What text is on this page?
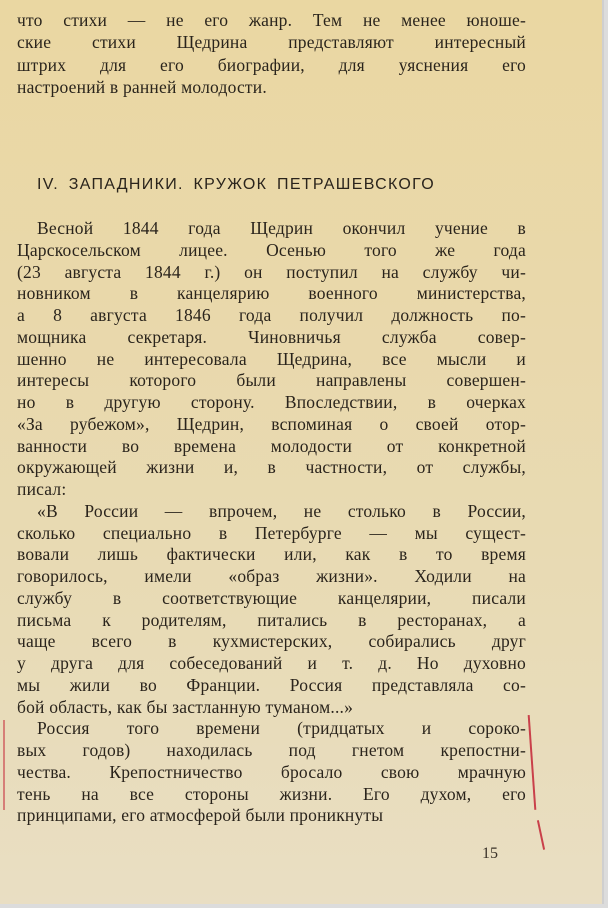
что стихи — не его жанр. Тем не менее юноше-
ские стихи Щедрина представляют интересный
штрих для его биографии, для уяснения его
настроений в ранней молодости.
IV. ЗАПАДНИКИ. КРУЖОК ПЕТРАШЕВСКОГО
Весной 1844 года Щедрин окончил учение в
Царскосельском лицее. Осенью того же года
(23 августа 1844 г.) он поступил на службу чи-
новником в канцелярию военного министерства,
а 8 августа 1846 года получил должность по-
мощника секретаря. Чиновничья служба совер-
шенно не интересовала Щедрина, все мысли и
интересы которого были направлены совершен-
но в другую сторону. Впоследствии, в очерках
«За рубежом», Щедрин, вспоминая о своей отор-
ванности во времена молодости от конкретной
окружающей жизни и, в частности, от службы,
писал:
«В России — впрочем, не столько в России,
сколько специально в Петербурге — мы сущест-
вовали лишь фактически или, как в то время
говорилось, имели «образ жизни». Ходили на
службу в соответствующие канцелярии, писали
письма к родителям, питались в ресторанах, а
чаще всего в кухмистерских, собирались друг
у друга для собеседований и т. д. Но духовно
мы жили во Франции. Россия представляла со-
бой область, как бы застланную туманом...»
Россия того времени (тридцатых и сороко-
вых годов) находилась под гнетом крепостни-
чества. Крепостничество бросало свою мрачную
тень на все стороны жизни. Его духом, его
принципами, его атмосферой были проникнуты
15
